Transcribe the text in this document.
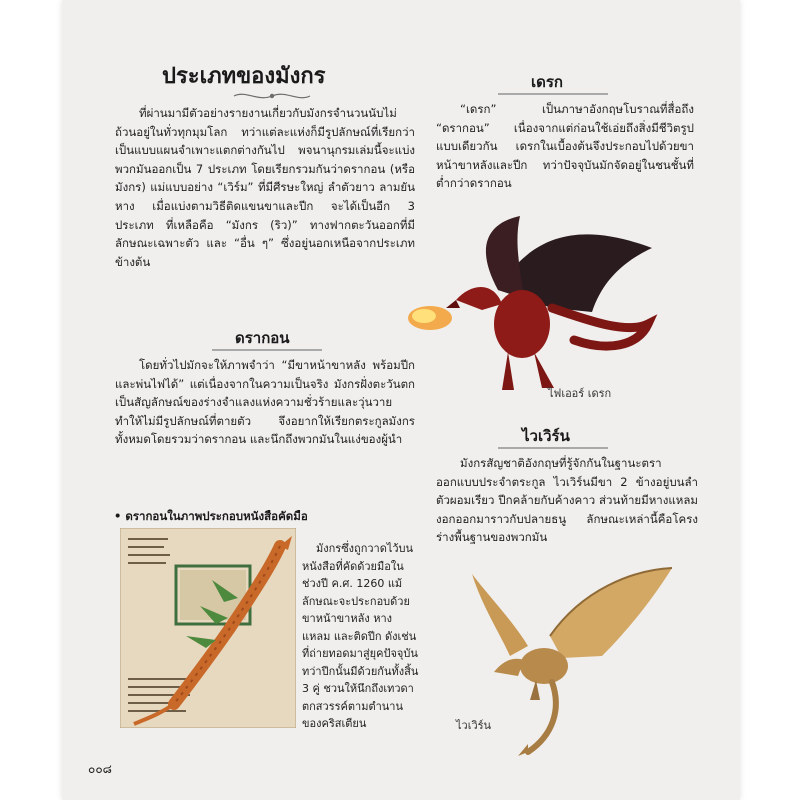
ประเภทของมังกร

ที่ผ่านมามีตัวอย่างรายงานเกี่ยวกับมังกรจำนวนนับไม่ถ้วนอยู่ในทั่วทุกมุมโลก ทว่าแต่ละแห่งก็มีรูปลักษณ์ที่เรียกว่าเป็นแบบแผนจำเพาะแตกต่างกันไป พจนานุกรมเล่มนี้จะแบ่งพวกมันออกเป็น 7 ประเภท โดยเรียกรวมกันว่าดรากอน (หรือมังกร) แม่แบบอย่าง “เวิร์ม” ที่มีศีรษะใหญ่ ลำตัวยาว ลามยันหาง เมื่อแบ่งตามวิธีติดแขนขาและปีก จะได้เป็นอีก 3 ประเภท ที่เหลือคือ “มังกร (ริว)” ทางฟากตะวันออกที่มีลักษณะเฉพาะตัว และ “อื่น ๆ” ซึ่งอยู่นอกเหนือจากประเภทข้างต้น

ดรากอน

โดยทั่วไปมักจะให้ภาพจำว่า “มีขาหน้าขาหลัง พร้อมปีกและพ่นไฟได้” แต่เนื่องจากในความเป็นจริง มังกรฝั่งตะวันตกเป็นสัญลักษณ์ของร่างจำแลงแห่งความชั่วร้ายและวุ่นวาย ทำให้ไม่มีรูปลักษณ์ที่ตายตัว จึงอยากให้เรียกตระกูลมังกรทั้งหมดโดยรวมว่าดรากอน และนึกถึงพวกมันในแง่ของผู้นำ

• ดรากอนในภาพประกอบหนังสือคัดมือ

มังกรซึ่งถูกวาดไว้บนหนังสือที่คัดด้วยมือในช่วงปี ค.ศ. 1260 แม้ลักษณะจะประกอบด้วยขาหน้าขาหลัง หางแหลม และติดปีก ดังเช่นที่ถ่ายทอดมาสู่ยุคปัจจุบัน ทว่าปีกนั้นมีด้วยกันทั้งสิ้น 3 คู่ ชวนให้นึกถึงเทวดาตกสวรรค์ตามตำนานของคริสเตียน

เดรก

“เดรก” เป็นภาษาอังกฤษโบราณที่สื่อถึง “ดรากอน” เนื่องจากแต่ก่อนใช้เอ่ยถึงสิ่งมีชีวิตรูปแบบเดียวกัน เดรกในเบื้องต้นจึงประกอบไปด้วยขาหน้าขาหลังและปีก ทว่าปัจจุบันมักจัดอยู่ในชนชั้นที่ต่ำกว่าดรากอน

ไฟเออร์ เดรก

ไวเวิร์น

มังกรสัญชาติอังกฤษที่รู้จักกันในฐานะตราออกแบบประจำตระกูล ไวเวิร์นมีขา 2 ข้างอยู่บนลำตัวผอมเรียว ปีกคล้ายกับค้างคาว ส่วนท้ายมีหางแหลมงอกออกมาราวกับปลายธนู ลักษณะเหล่านี้คือโครงร่างพื้นฐานของพวกมัน

ไวเวิร์น

๐๐๘
